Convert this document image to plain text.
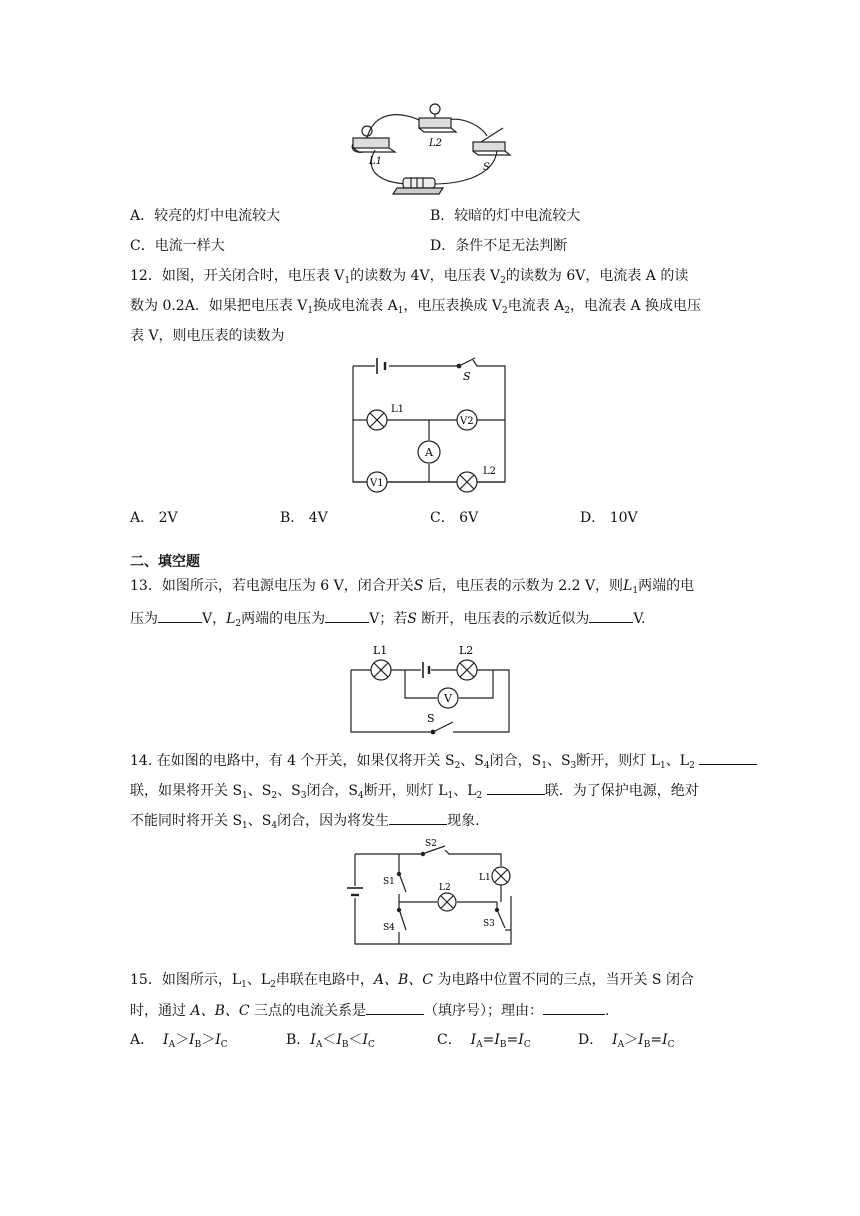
L1
L2
S
A．较亮的灯中电流较大	B．较暗的灯中电流较大
C．电流一样大	D．条件不足无法判断
12．如图，开关闭合时，电压表 $V_1$的读数为 4V，电压表 $V_2$的读数为 6V，电流表 A 的读
数为 0.2A．如果把电压表 $V_1$换成电流表 $A_1$，电压表换成 $V_2$电流表 $A_2$，电流表 A 换成电压
表 V，则电压表的读数为
S
L1
L2
A
V2
V1
A． 2V	B． 4V	C． 6V	D． 10V
二、填空题
13．如图所示，若电源电压为 6 V，闭合开关S 后，电压表的示数为 2.2 V，则$L_1$两端的电
压为	V，$L_2$两端的电压为	V；若S 断开，电压表的示数近似为	V.
L1	L2
V
S
14. 在如图的电路中，有 4 个开关，如果仅将开关 $S_2$、$S_4$闭合，$S_1$、$S_3$断开，则灯 $L_1$、$L_2$
联，如果将开关 $S_1$、$S_2$、$S_3$闭合，$S_4$断开，则灯 $L_1$、$L_2$	联．为了保护电源，绝对
不能同时将开关 $S_1$、$S_4$闭合，因为将发生	现象.
S2
S1
L2
L1
S3
S4
15．如图所示，$L_1$、$L_2$串联在电路中，A、B、C 为电路中位置不同的三点，当开关 S 闭合
时，通过 A、B、C 三点的电流关系是	（填序号）；理由：	.
A． $I_A>I_B>I_C$	B．$I_A<I_B<I_C$	C． $I_A=I_B=I_C$	D． $I_A>I_B=I_C$
